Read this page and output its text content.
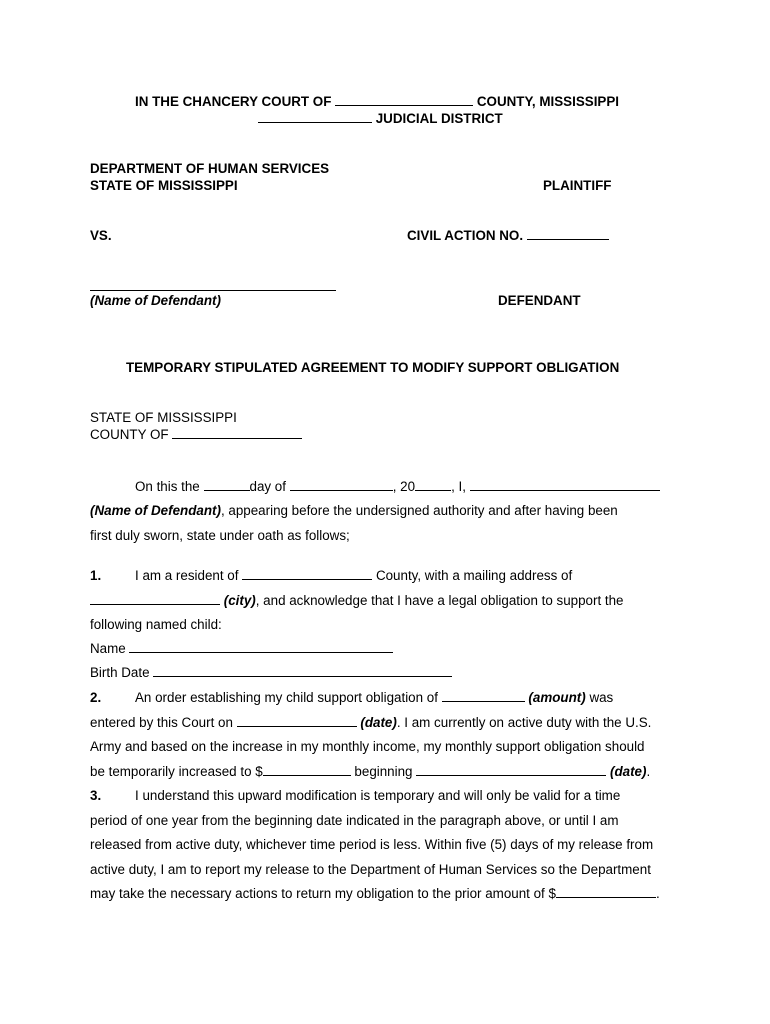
IN THE CHANCERY COURT OF	COUNTY, MISSISSIPPI
JUDICIAL DISTRICT
DEPARTMENT OF HUMAN SERVICES
STATE OF MISSISSIPPI	PLAINTIFF
VS.	CIVIL ACTION NO.
(Name of Defendant)	DEFENDANT
TEMPORARY STIPULATED AGREEMENT TO MODIFY SUPPORT OBLIGATION
STATE OF MISSISSIPPI
COUNTY OF
On this the	day of	, 20	, I,
(Name of Defendant), appearing before the undersigned authority and after having been
first duly sworn, state under oath as follows;
1.	I am a resident of	County, with a mailing address of
(city), and acknowledge that I have a legal obligation to support the
following named child:
Name
Birth Date
2.	An order establishing my child support obligation of	(amount) was
entered by this Court on	(date). I am currently on active duty with the U.S.
Army and based on the increase in my monthly income, my monthly support obligation should
be temporarily increased to $	beginning	(date).
3.	I understand this upward modification is temporary and will only be valid for a time
period of one year from the beginning date indicated in the paragraph above, or until I am
released from active duty, whichever time period is less. Within five (5) days of my release from
active duty, I am to report my release to the Department of Human Services so the Department
may take the necessary actions to return my obligation to the prior amount of $	.
